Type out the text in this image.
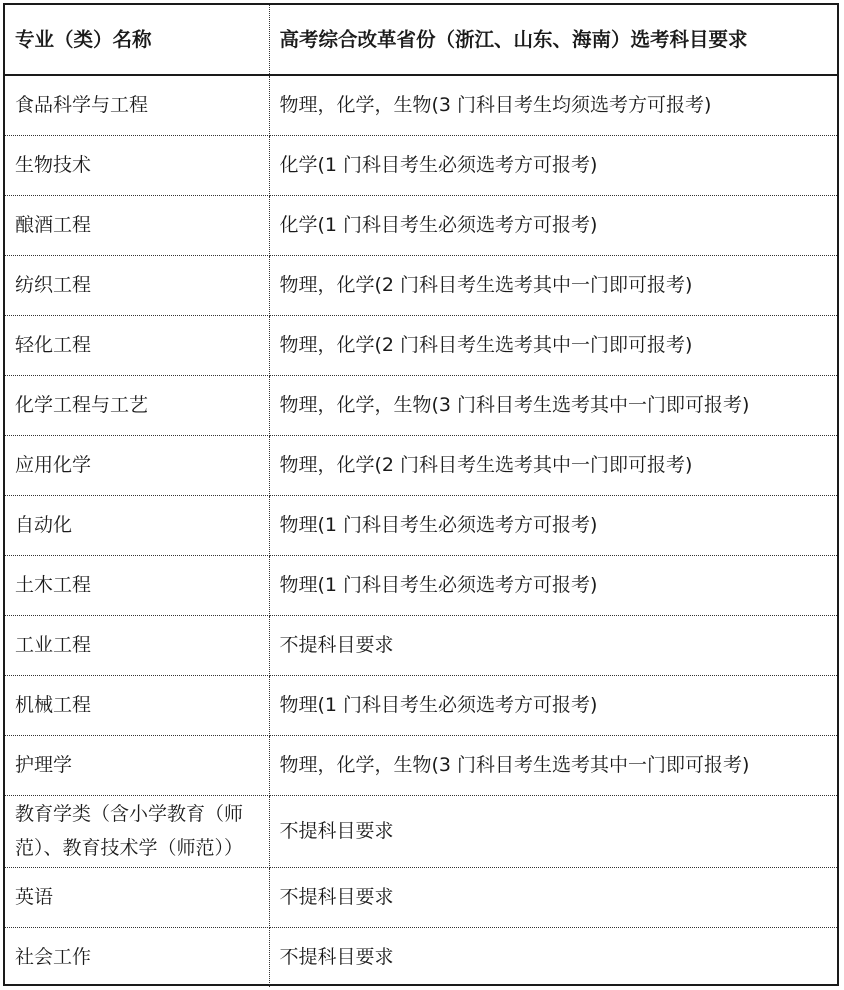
专业（类）名称	高考综合改革省份（浙江、山东、海南）选考科目要求
食品科学与工程	物理，化学，生物(3 门科目考生均须选考方可报考)
生物技术	化学(1 门科目考生必须选考方可报考)
酿酒工程	化学(1 门科目考生必须选考方可报考)
纺织工程	物理，化学(2 门科目考生选考其中一门即可报考)
轻化工程	物理，化学(2 门科目考生选考其中一门即可报考)
化学工程与工艺	物理，化学，生物(3 门科目考生选考其中一门即可报考)
应用化学	物理，化学(2 门科目考生选考其中一门即可报考)
自动化	物理(1 门科目考生必须选考方可报考)
土木工程	物理(1 门科目考生必须选考方可报考)
工业工程	不提科目要求
机械工程	物理(1 门科目考生必须选考方可报考)
护理学	物理，化学，生物(3 门科目考生选考其中一门即可报考)
教育学类（含小学教育（师范）、教育技术学（师范））	不提科目要求
英语	不提科目要求
社会工作	不提科目要求
